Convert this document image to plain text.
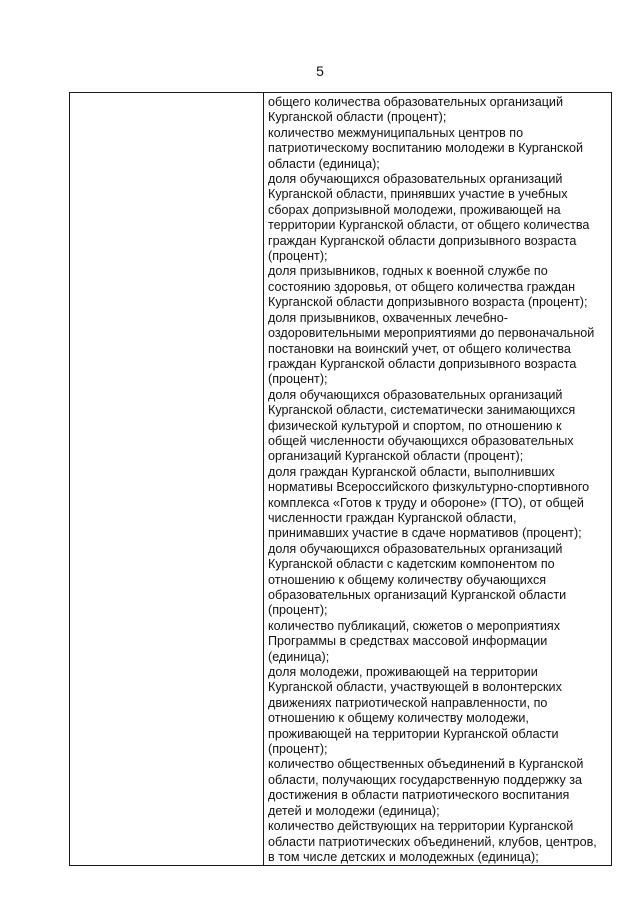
5

общего количества образовательных организаций
Курганской области (процент);
количество межмуниципальных центров по
патриотическому воспитанию молодежи в Курганской
области (единица);
доля обучающихся образовательных организаций
Курганской области, принявших участие в учебных
сборах допризывной молодежи, проживающей на
территории Курганской области, от общего количества
граждан Курганской области допризывного возраста
(процент);
доля призывников, годных к военной службе по
состоянию здоровья, от общего количества граждан
Курганской области допризывного возраста (процент);
доля призывников, охваченных лечебно-
оздоровительными мероприятиями до первоначальной
постановки на воинский учет, от общего количества
граждан Курганской области допризывного возраста
(процент);
доля обучающихся образовательных организаций
Курганской области, систематически занимающихся
физической культурой и спортом, по отношению к
общей численности обучающихся образовательных
организаций Курганской области (процент);
доля граждан Курганской области, выполнивших
нормативы Всероссийского физкультурно-спортивного
комплекса «Готов к труду и обороне» (ГТО), от общей
численности граждан Курганской области,
принимавших участие в сдаче нормативов (процент);
доля обучающихся образовательных организаций
Курганской области с кадетским компонентом по
отношению к общему количеству обучающихся
образовательных организаций Курганской области
(процент);
количество публикаций, сюжетов о мероприятиях
Программы в средствах массовой информации
(единица);
доля молодежи, проживающей на территории
Курганской области, участвующей в волонтерских
движениях патриотической направленности, по
отношению к общему количеству молодежи,
проживающей на территории Курганской области
(процент);
количество общественных объединений в Курганской
области, получающих государственную поддержку за
достижения в области патриотического воспитания
детей и молодежи (единица);
количество действующих на территории Курганской
области патриотических объединений, клубов, центров,
в том числе детских и молодежных (единица);
